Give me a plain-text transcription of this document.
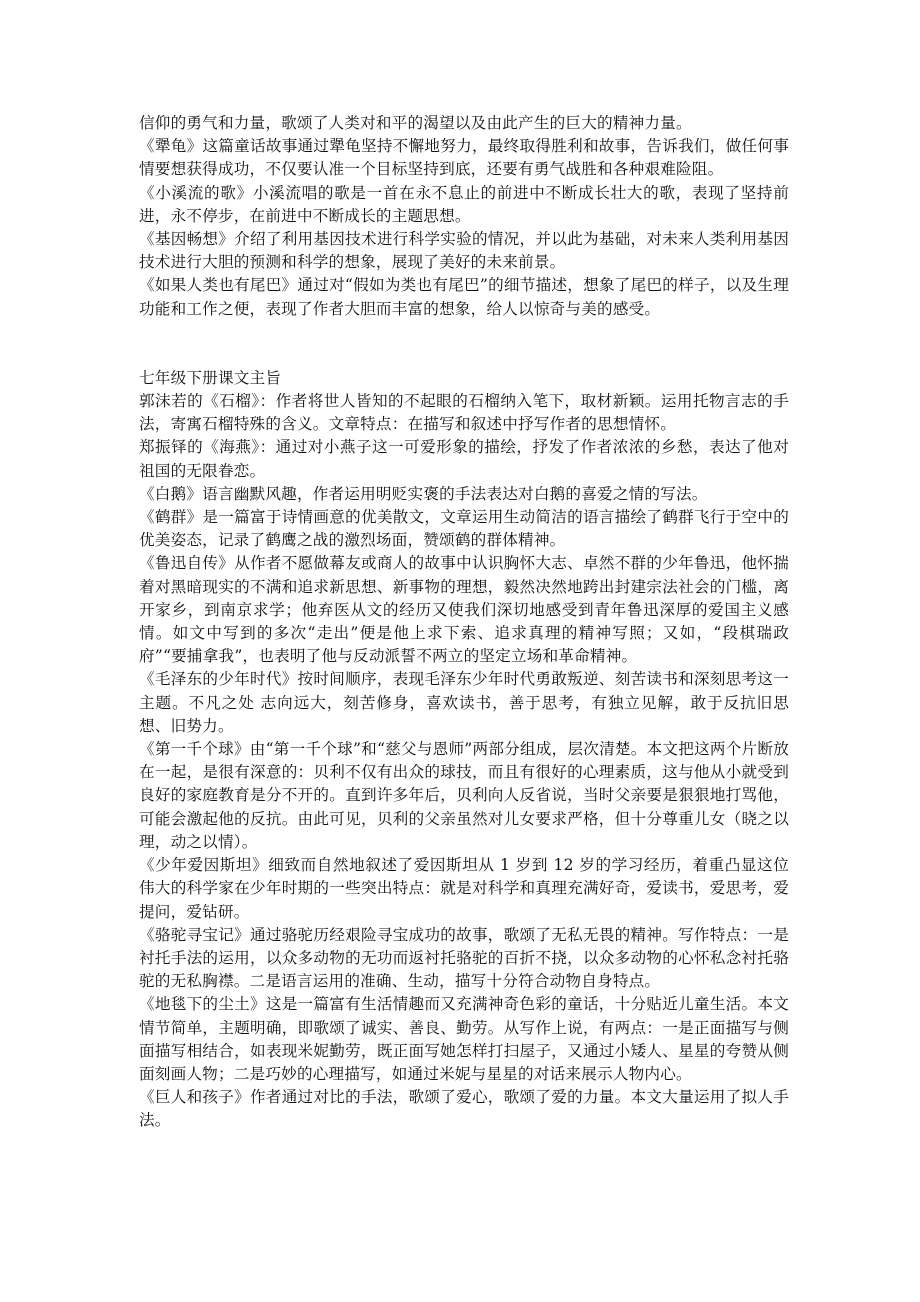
信仰的勇气和力量，歌颂了人类对和平的渴望以及由此产生的巨大的精神力量。

《犟龟》这篇童话故事通过犟龟坚持不懈地努力，最终取得胜利和故事，告诉我们，做任何事情要想获得成功，不仅要认准一个目标坚持到底，还要有勇气战胜和各种艰难险阻。

《小溪流的歌》小溪流唱的歌是一首在永不息止的前进中不断成长壮大的歌，表现了坚持前进，永不停步，在前进中不断成长的主题思想。

《基因畅想》介绍了利用基因技术进行科学实验的情况，并以此为基础，对未来人类利用基因技术进行大胆的预测和科学的想象，展现了美好的未来前景。

《如果人类也有尾巴》通过对“假如为类也有尾巴”的细节描述，想象了尾巴的样子，以及生理功能和工作之便，表现了作者大胆而丰富的想象，给人以惊奇与美的感受。

七年级下册课文主旨

郭沫若的《石榴》：作者将世人皆知的不起眼的石榴纳入笔下，取材新颖。运用托物言志的手法，寄寓石榴特殊的含义。文章特点：在描写和叙述中抒写作者的思想情怀。

郑振铎的《海燕》：通过对小燕子这一可爱形象的描绘，抒发了作者浓浓的乡愁，表达了他对祖国的无限眷恋。

《白鹅》语言幽默风趣，作者运用明贬实褒的手法表达对白鹅的喜爱之情的写法。

《鹤群》是一篇富于诗情画意的优美散文，文章运用生动简洁的语言描绘了鹤群飞行于空中的优美姿态，记录了鹤鹰之战的激烈场面，赞颂鹤的群体精神。

《鲁迅自传》从作者不愿做幕友或商人的故事中认识胸怀大志、卓然不群的少年鲁迅，他怀揣着对黑暗现实的不满和追求新思想、新事物的理想，毅然决然地跨出封建宗法社会的门槛，离开家乡，到南京求学；他弃医从文的经历又使我们深切地感受到青年鲁迅深厚的爱国主义感情。如文中写到的多次“走出”便是他上求下索、追求真理的精神写照；又如，“段棋瑞政府”“要捕拿我”，也表明了他与反动派誓不两立的坚定立场和革命精神。

《毛泽东的少年时代》按时间顺序，表现毛泽东少年时代勇敢叛逆、刻苦读书和深刻思考这一主题。不凡之处 志向远大，刻苦修身，喜欢读书，善于思考，有独立见解，敢于反抗旧思想、旧势力。

《第一千个球》由“第一千个球”和“慈父与恩师”两部分组成，层次清楚。本文把这两个片断放在一起，是很有深意的：贝利不仅有出众的球技，而且有很好的心理素质，这与他从小就受到良好的家庭教育是分不开的。直到许多年后，贝利向人反省说，当时父亲要是狠狠地打骂他，可能会激起他的反抗。由此可见，贝利的父亲虽然对儿女要求严格，但十分尊重儿女（晓之以理，动之以情）。

《少年爱因斯坦》细致而自然地叙述了爱因斯坦从 1 岁到 12 岁的学习经历，着重凸显这位伟大的科学家在少年时期的一些突出特点：就是对科学和真理充满好奇，爱读书，爱思考，爱提问，爱钻研。

《骆驼寻宝记》通过骆驼历经艰险寻宝成功的故事，歌颂了无私无畏的精神。写作特点：一是衬托手法的运用，以众多动物的无功而返衬托骆驼的百折不挠，以众多动物的心怀私念衬托骆驼的无私胸襟。二是语言运用的准确、生动，描写十分符合动物自身特点。

《地毯下的尘土》这是一篇富有生活情趣而又充满神奇色彩的童话，十分贴近儿童生活。本文情节简单，主题明确，即歌颂了诚实、善良、勤劳。从写作上说，有两点：一是正面描写与侧面描写相结合，如表现米妮勤劳，既正面写她怎样打扫屋子，又通过小矮人、星星的夸赞从侧面刻画人物；二是巧妙的心理描写，如通过米妮与星星的对话来展示人物内心。

《巨人和孩子》作者通过对比的手法，歌颂了爱心，歌颂了爱的力量。本文大量运用了拟人手法。
